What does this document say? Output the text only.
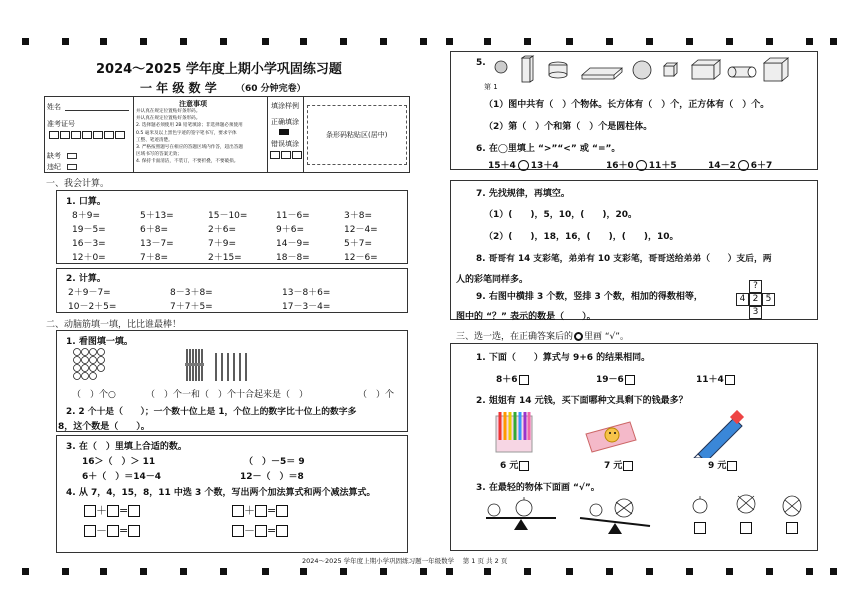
2024～2025 学年度上期小学巩固练习题
一 年 级 数 学 （60 分钟完卷）
姓名
准考证号
缺考
违纪
注意事项
并认真在规定位置贴好条形码。
并认真在规定位置贴好条形码。
2. 选择题必须使用 2B 铅笔填涂；非选择题必须使用
0.5 毫米及以上黑色字迹的签字笔书写，要求字体
工整、笔迹清楚。
3. 严格按照题号在相应的答题区域内作答，超出答题
区域书写的答案无效；
4. 保持卡面清洁，不装订，不要折叠，不要破损。
填涂样例
正确填涂
错误填涂
条形码粘贴区(居中)
一、我会计算。
1. 口算。
8＋9=	5＋13=	15－10=	11－6=	3＋8=
19－5=	6＋8=	2＋6=	9＋6=	12－4=
16－3=	13－7=	7＋9=	14－9=	5＋7=
12＋0=	7＋8=	2＋15=	18－8=	12－6=
2. 计算。
2＋9－7=	8－3＋8=	13－8＋6=
10－2＋5=	7＋7＋5=	17－3－4=
二、动脑筋填一填，比比谁最棒！
1. 看图填一填。
（　）个○	（　）个一和（　）个十合起来是（　）	（　）个
2. 2 个十是（　　）；一个数十位上是 1，个位上的数字比十位上的数字多
8，这个数是（　　）。
3. 在（　）里填上合适的数。
16＞（　）＞ 11	（　）－5＝ 9
6＋（　）＝14－4	12－（　）＝8
4. 从 7，4，15，8，11 中选 3 个数，写出两个加法算式和两个减法算式。
＋ =	＋ =
－ =	－ =
5.
第 1
（1）图中共有（　）个物体。长方体有（　）个，正方体有（　）个。
（2）第（　）个和第（　）个是圆柱体。
6. 在◯里填上 “>”“<” 或 “=”。
15＋4 13＋4	16＋0 11＋5	14－2 6＋7
7. 先找规律，再填空。
（1）(　　)，5，10，(　　)，20。
（2）(　　)，18，16，(　　)，(　　)，10。
8. 哥哥有 14 支彩笔，弟弟有 10 支彩笔，哥哥送给弟弟（　　）支后，两
人的彩笔同样多。
9. 右图中横排 3 个数，竖排 3 个数，相加的得数相等，
图中的 “？” 表示的数是（　　）。
?
4 2 5
3
三、选一选，在正确答案后的 里画 “√”。
1. 下面（　　）算式与 9+6 的结果相同。
8＋6	19－6	11＋4
2. 姐姐有 14 元钱，买下面哪种文具剩下的钱最多？
6 元	7 元	9 元
3. 在最轻的物体下面画 “√”。
2024～2025 学年度上期小学巩固练习题一年级数学　 第 1 页 共 2 页
